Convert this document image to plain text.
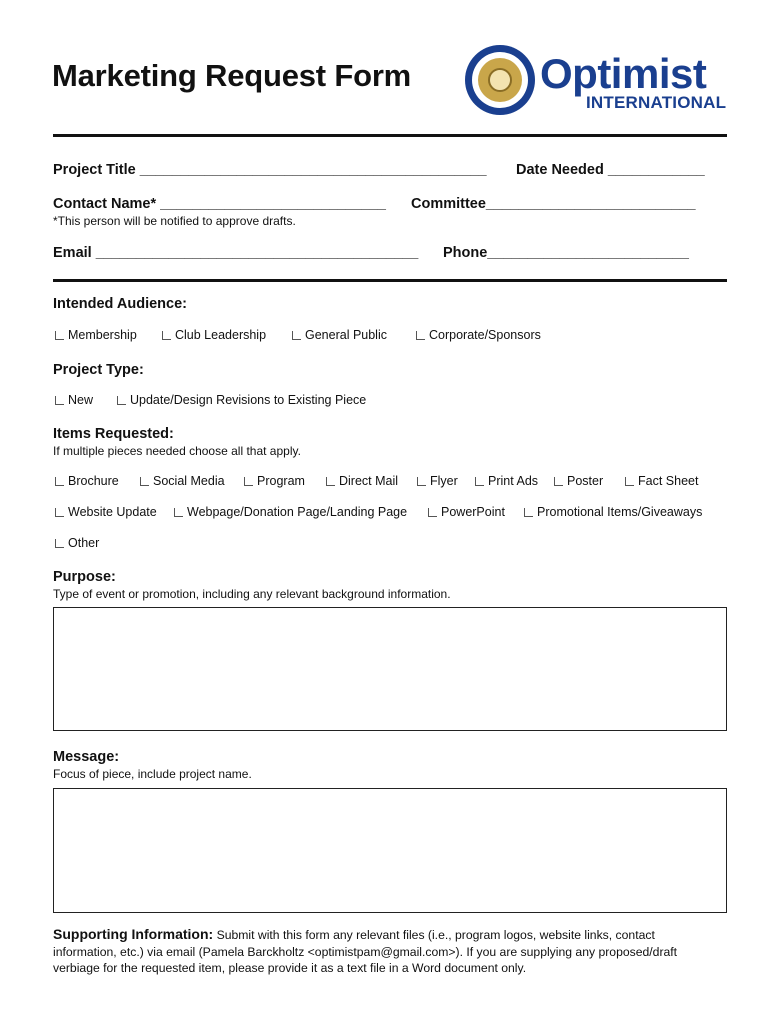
Marketing Request Form	Optimist
INTERNATIONAL
Project Title ___________________________________________ Date Needed ____________
Contact Name* ____________________________ Committee__________________________
*This person will be notified to approve drafts.
Email ________________________________________ Phone_________________________
Intended Audience:
Membership	Club Leadership	General Public	Corporate/Sponsors
Project Type:
New	Update/Design Revisions to Existing Piece
Items Requested:
If multiple pieces needed choose all that apply.
Brochure	Social Media	Program	Direct Mail	Flyer Print Ads Poster	Fact Sheet
Website Update Webpage/Donation Page/Landing Page	PowerPoint	Promotional Items/Giveaways
Other
Purpose:
Type of event or promotion, including any relevant background information.
Message:
Focus of piece, include project name.
Supporting Information: Submit with this form any relevant files (i.e., program logos, website links, contact information, etc.) via email (Pamela Barckholtz <optimistpam@gmail.com>). If you are supplying any proposed/draft verbiage for the requested item, please provide it as a text file in a Word document only.
